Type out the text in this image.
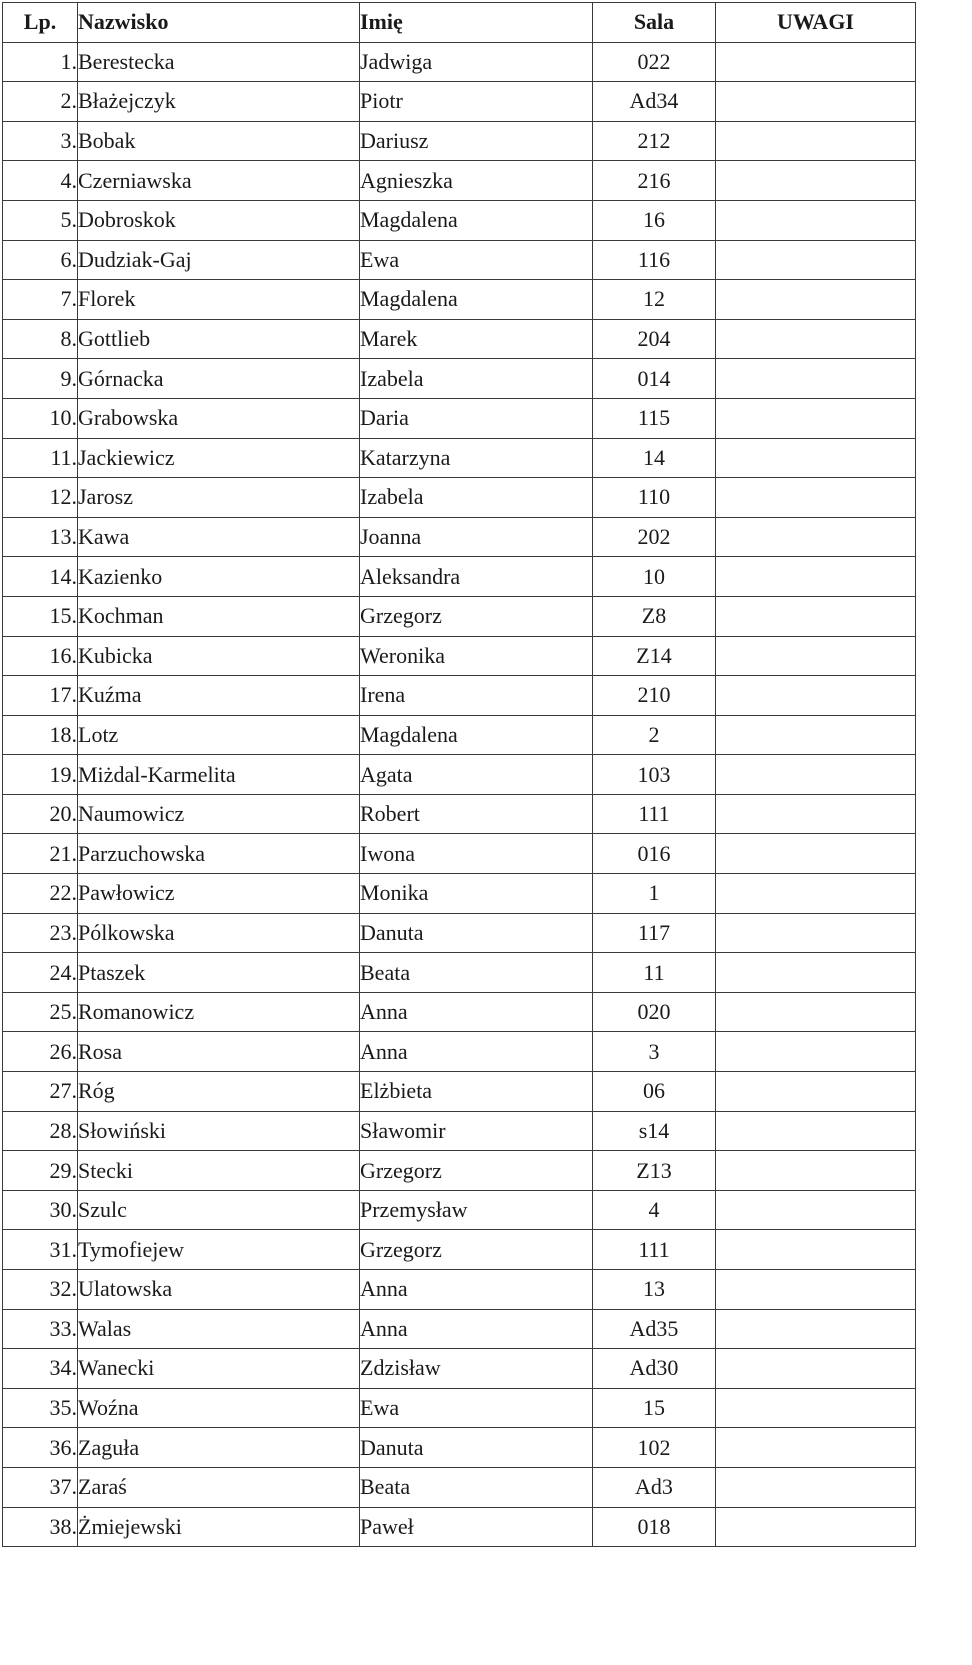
Lp.	Nazwisko	Imię	Sala	UWAGI
1.	Berestecka	Jadwiga	022	
2.	Błażejczyk	Piotr	Ad34	
3.	Bobak	Dariusz	212	
4.	Czerniawska	Agnieszka	216	
5.	Dobroskok	Magdalena	16	
6.	Dudziak-Gaj	Ewa	116	
7.	Florek	Magdalena	12	
8.	Gottlieb	Marek	204	
9.	Górnacka	Izabela	014	
10.	Grabowska	Daria	115	
11.	Jackiewicz	Katarzyna	14	
12.	Jarosz	Izabela	110	
13.	Kawa	Joanna	202	
14.	Kazienko	Aleksandra	10	
15.	Kochman	Grzegorz	Z8	
16.	Kubicka	Weronika	Z14	
17.	Kuźma	Irena	210	
18.	Lotz	Magdalena	2	
19.	Miżdal-Karmelita	Agata	103	
20.	Naumowicz	Robert	111	
21.	Parzuchowska	Iwona	016	
22.	Pawłowicz	Monika	1	
23.	Pólkowska	Danuta	117	
24.	Ptaszek	Beata	11	
25.	Romanowicz	Anna	020	
26.	Rosa	Anna	3	
27.	Róg	Elżbieta	06	
28.	Słowiński	Sławomir	s14	
29.	Stecki	Grzegorz	Z13	
30.	Szulc	Przemysław	4	
31.	Tymofiejew	Grzegorz	111	
32.	Ulatowska	Anna	13	
33.	Walas	Anna	Ad35	
34.	Wanecki	Zdzisław	Ad30	
35.	Woźna	Ewa	15	
36.	Zaguła	Danuta	102	
37.	Zaraś	Beata	Ad3	
38.	Żmiejewski	Paweł	018	
